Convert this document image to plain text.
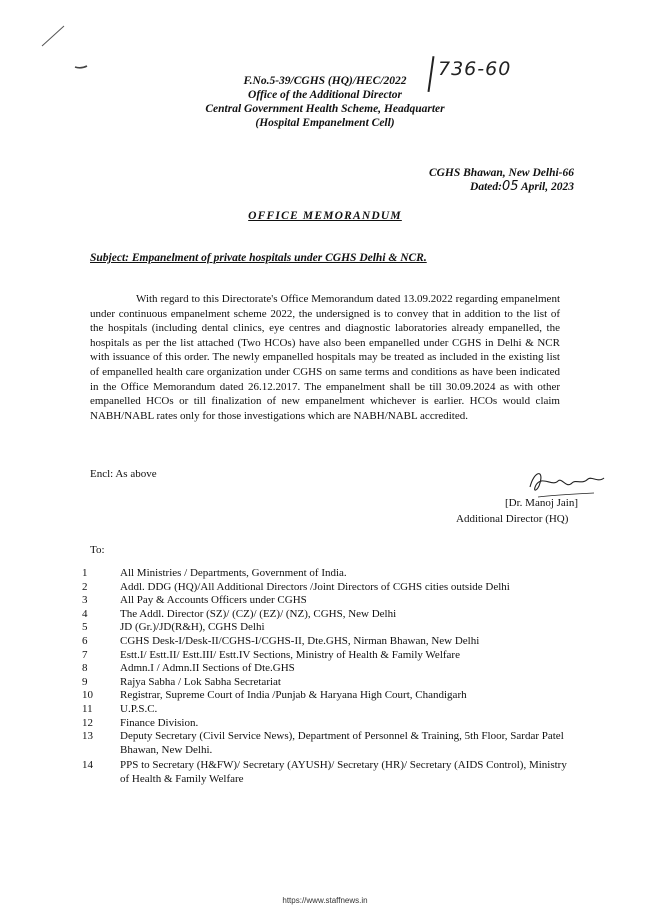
F.No.5-39/CGHS (HQ)/HEC/2022
736-60
Office of the Additional Director
Central Government Health Scheme, Headquarter
(Hospital Empanelment Cell)
CGHS Bhawan, New Delhi-66
Dated:05 April, 2023
OFFICE MEMORANDUM
Subject: Empanelment of private hospitals under CGHS Delhi & NCR.
With regard to this Directorate's Office Memorandum dated 13.09.2022 regarding empanelment under continuous empanelment scheme 2022, the undersigned is to convey that in addition to the list of the hospitals (including dental clinics, eye centres and diagnostic laboratories already empanelled, the hospitals as per the list attached (Two HCOs) have also been empanelled under CGHS in Delhi & NCR with issuance of this order. The newly empanelled hospitals may be treated as included in the existing list of empanelled health care organization under CGHS on same terms and conditions as have been indicated in the Office Memorandum dated 26.12.2017. The empanelment shall be till 30.09.2024 as with other empanelled HCOs or till finalization of new empanelment whichever is earlier. HCOs would claim NABH/NABL rates only for those investigations which are NABH/NABL accredited.
Encl: As above
[Dr. Manoj Jain]
Additional Director (HQ)
To:
1	All Ministries / Departments, Government of India.
2	Addl. DDG (HQ)/All Additional Directors /Joint Directors of CGHS cities outside Delhi
3	All Pay & Accounts Officers under CGHS
4	The Addl. Director (SZ)/ (CZ)/ (EZ)/ (NZ), CGHS, New Delhi
5	JD (Gr.)/JD(R&H), CGHS Delhi
6	CGHS Desk-I/Desk-II/CGHS-I/CGHS-II, Dte.GHS, Nirman Bhawan, New Delhi
7	Estt.I/ Estt.II/ Estt.III/ Estt.IV Sections, Ministry of Health & Family Welfare
8	Admn.I / Admn.II Sections of Dte.GHS
9	Rajya Sabha / Lok Sabha Secretariat
10	Registrar, Supreme Court of India /Punjab & Haryana High Court, Chandigarh
11	U.P.S.C.
12	Finance Division.
13	Deputy Secretary (Civil Service News), Department of Personnel & Training, 5th Floor, Sardar Patel Bhawan, New Delhi.
14	PPS to Secretary (H&FW)/ Secretary (AYUSH)/ Secretary (HR)/ Secretary (AIDS Control), Ministry of Health & Family Welfare
https://www.staffnews.in
